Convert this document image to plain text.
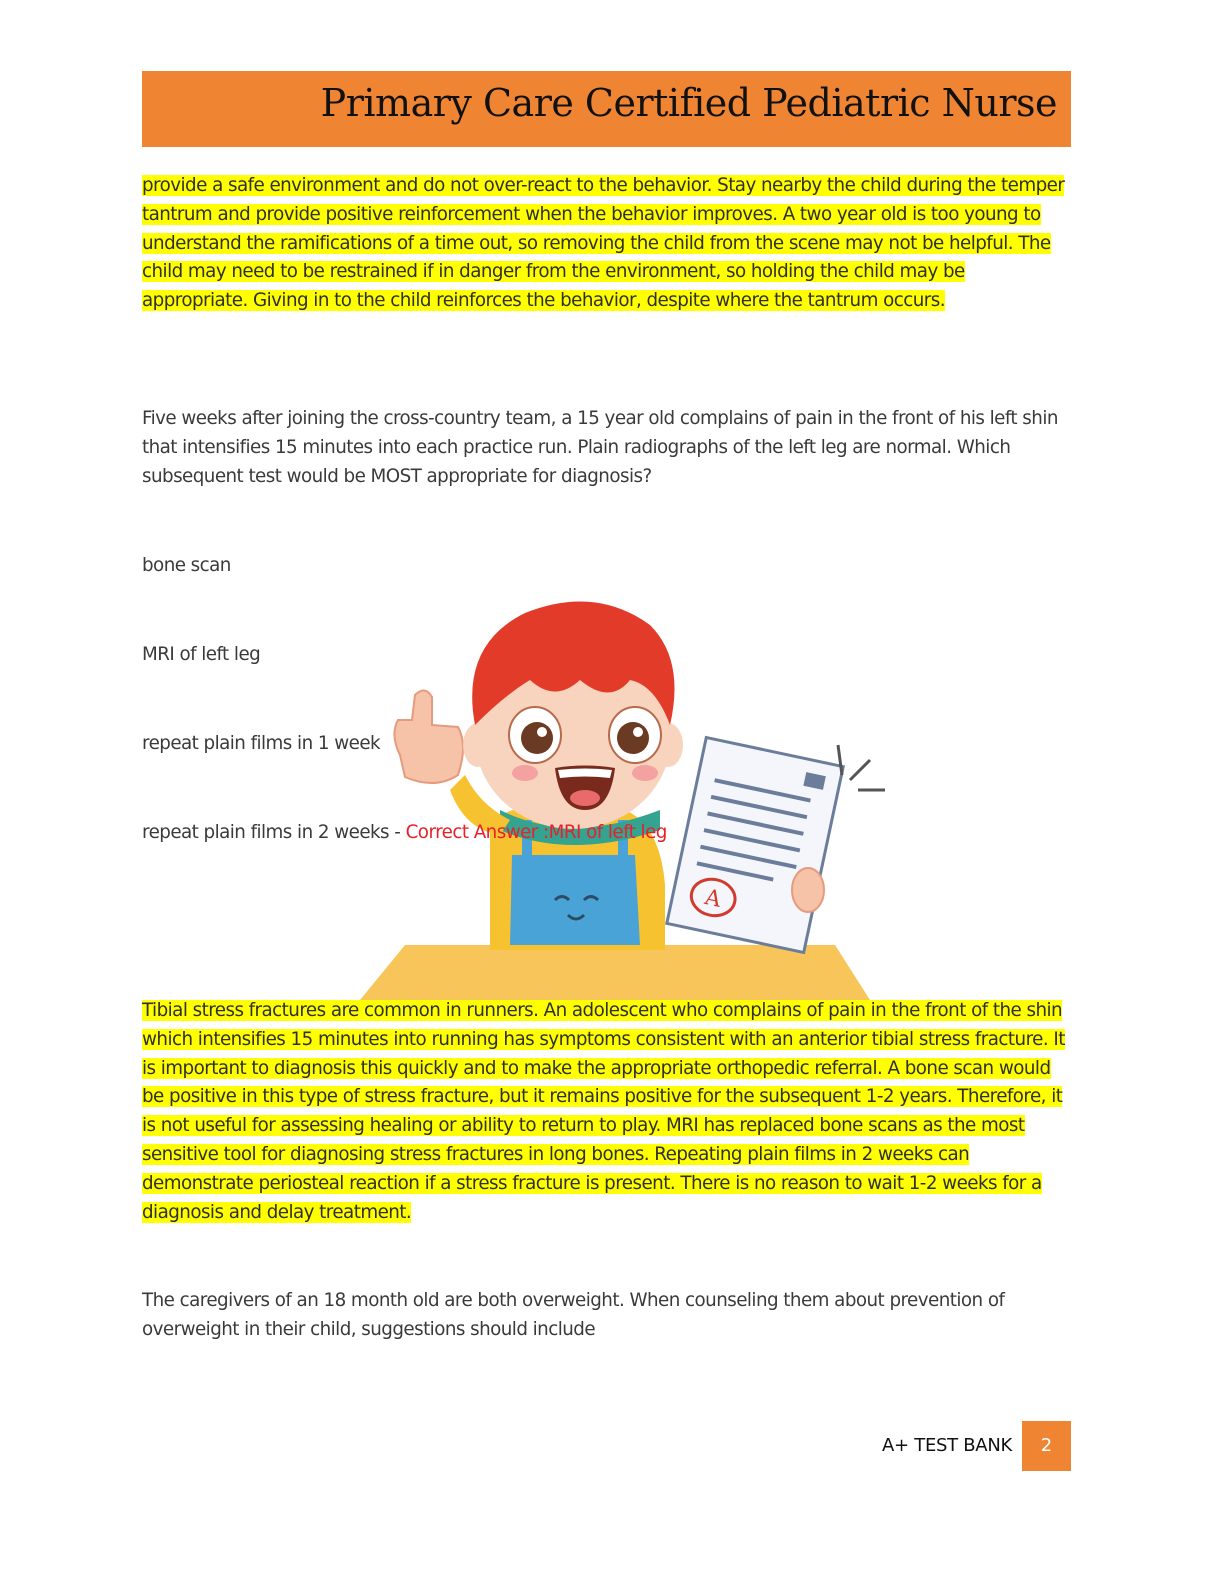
Primary Care Certified Pediatric Nurse

provide a safe environment and do not over-react to the behavior. Stay nearby the child during the temper tantrum and provide positive reinforcement when the behavior improves. A two year old is too young to understand the ramifications of a time out, so removing the child from the scene may not be helpful. The child may need to be restrained if in danger from the environment, so holding the child may be appropriate. Giving in to the child reinforces the behavior, despite where the tantrum occurs.

Five weeks after joining the cross-country team, a 15 year old complains of pain in the front of his left shin that intensifies 15 minutes into each practice run. Plain radiographs of the left leg are normal. Which subsequent test would be MOST appropriate for diagnosis?

bone scan
MRI of left leg
repeat plain films in 1 week
repeat plain films in 2 weeks - Correct Answer :MRI of left leg
A

Tibial stress fractures are common in runners. An adolescent who complains of pain in the front of the shin which intensifies 15 minutes into running has symptoms consistent with an anterior tibial stress fracture. It is important to diagnosis this quickly and to make the appropriate orthopedic referral. A bone scan would be positive in this type of stress fracture, but it remains positive for the subsequent 1-2 years. Therefore, it is not useful for assessing healing or ability to return to play. MRI has replaced bone scans as the most sensitive tool for diagnosing stress fractures in long bones. Repeating plain films in 2 weeks can demonstrate periosteal reaction if a stress fracture is present. There is no reason to wait 1-2 weeks for a diagnosis and delay treatment.

The caregivers of an 18 month old are both overweight. When counseling them about prevention of overweight in their child, suggestions should include

A+ TEST BANK	2
